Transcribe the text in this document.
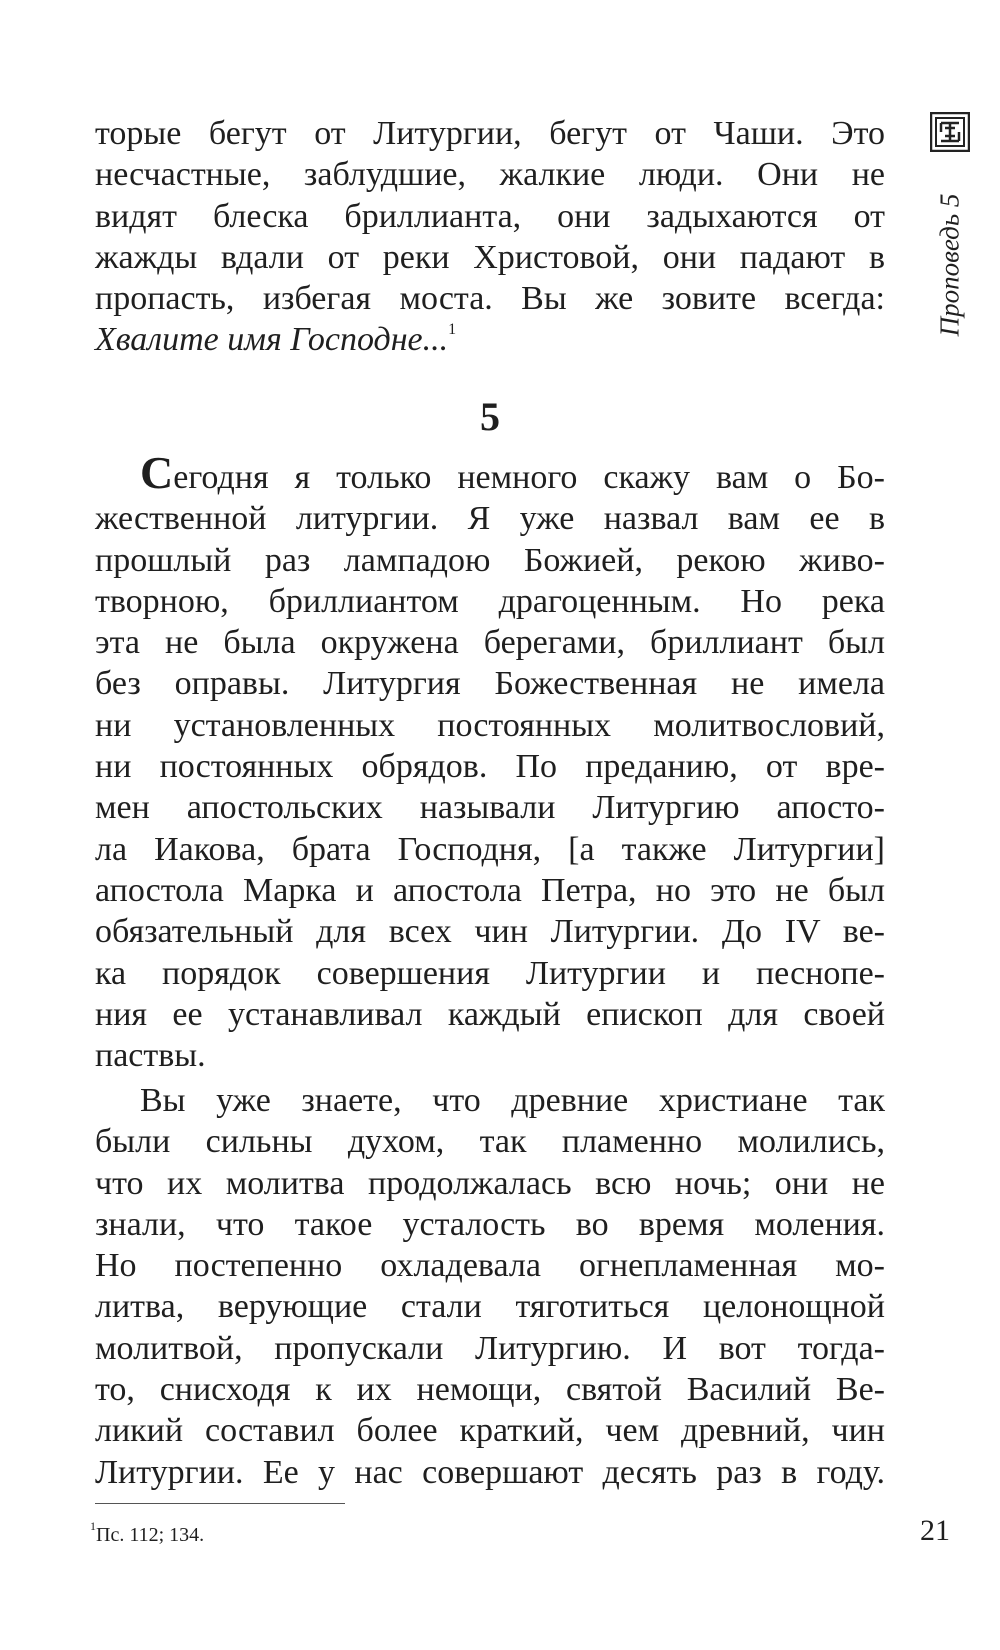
Проповедь 5
торые бегут от Литургии, бегут от Чаши. Это
несчастные, заблудшие, жалкие люди. Они не
видят блеска бриллианта, они задыхаются от
жажды вдали от реки Христовой, они падают в
пропасть, избегая моста. Вы же зовите всегда:
Хвалите имя Господне...$^1$
5
Сегодня я только немного скажу вам о Бо-
жественной литургии. Я уже назвал вам ее в
прошлый раз лампадою Божией, рекою живо-
творною, бриллиантом драгоценным. Но река
эта не была окружена берегами, бриллиант был
без оправы. Литургия Божественная не имела
ни установленных постоянных молитвословий,
ни постоянных обрядов. По преданию, от вре-
мен апостольских называли Литургию апосто-
ла Иакова, брата Господня, [а также Литургии]
апостола Марка и апостола Петра, но это не был
обязательный для всех чин Литургии. До IV ве-
ка порядок совершения Литургии и песнопе-
ния ее устанавливал каждый епископ для своей
паствы.
Вы уже знаете, что древние христиане так
были сильны духом, так пламенно молились,
что их молитва продолжалась всю ночь; они не
знали, что такое усталость во время моления.
Но постепенно охладевала огнепламенная мо-
литва, верующие стали тяготиться целонощной
молитвой, пропускали Литургию. И вот тогда-
то, снисходя к их немощи, святой Василий Ве-
ликий составил более краткий, чем древний, чин
Литургии. Ее у нас совершают десять раз в году.
$^1$Пс. 112; 134.	21
